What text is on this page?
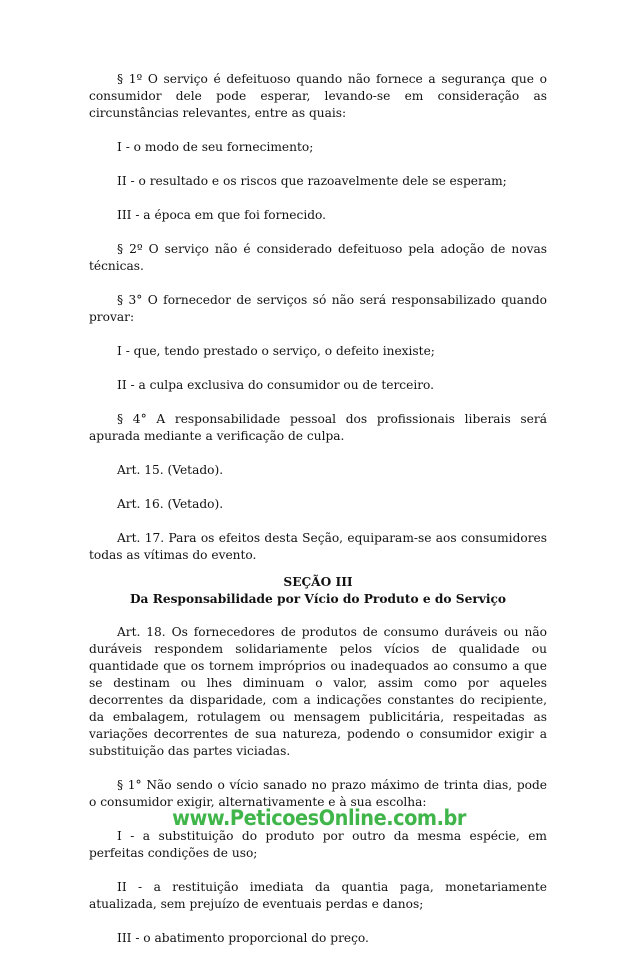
§ 1º O serviço é defeituoso quando não fornece a segurança que o consumidor dele pode esperar, levando-se em consideração as circunstâncias relevantes, entre as quais:

I - o modo de seu fornecimento;

II - o resultado e os riscos que razoavelmente dele se esperam;

III - a época em que foi fornecido.

§ 2º O serviço não é considerado defeituoso pela adoção de novas técnicas.

§ 3° O fornecedor de serviços só não será responsabilizado quando provar:

I - que, tendo prestado o serviço, o defeito inexiste;

II - a culpa exclusiva do consumidor ou de terceiro.

§ 4° A responsabilidade pessoal dos profissionais liberais será apurada mediante a verificação de culpa.

Art. 15. (Vetado).

Art. 16. (Vetado).

Art. 17. Para os efeitos desta Seção, equiparam-se aos consumidores todas as vítimas do evento.

SEÇÃO III
Da Responsabilidade por Vício do Produto e do Serviço

Art. 18. Os fornecedores de produtos de consumo duráveis ou não duráveis respondem solidariamente pelos vícios de qualidade ou quantidade que os tornem impróprios ou inadequados ao consumo a que se destinam ou lhes diminuam o valor, assim como por aqueles decorrentes da disparidade, com a indicações constantes do recipiente, da embalagem, rotulagem ou mensagem publicitária, respeitadas as variações decorrentes de sua natureza, podendo o consumidor exigir a substituição das partes viciadas.

§ 1° Não sendo o vício sanado no prazo máximo de trinta dias, pode o consumidor exigir, alternativamente e à sua escolha:

I - a substituição do produto por outro da mesma espécie, em perfeitas condições de uso;

II - a restituição imediata da quantia paga, monetariamente atualizada, sem prejuízo de eventuais perdas e danos;

III - o abatimento proporcional do preço.

www.PeticoesOnline.com.br
